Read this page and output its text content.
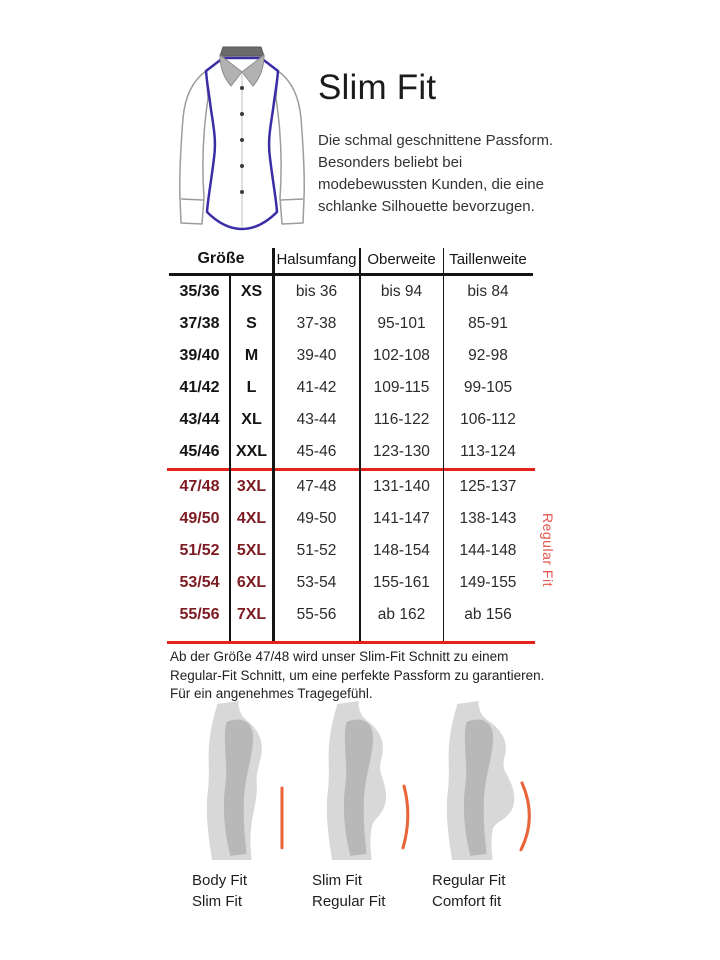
Slim Fit

Die schmal geschnittene Passform. Besonders beliebt bei modebewussten Kunden, die eine schlanke Silhouette bevorzugen.

Größe	Halsumfang Oberweite Taillenweite
35/36	XS	bis 36	bis 94	bis 84
37/38	S	37-38	95-101	85-91
39/40	M	39-40	102-108	92-98
41/42	L	41-42	109-115	99-105
43/44	XL	43-44	116-122	106-112
45/46	XXL	45-46	123-130	113-124
47/48	3XL	47-48	131-140	125-137
49/50	4XL	49-50	141-147	138-143
51/52	5XL	51-52	148-154	144-148
53/54	6XL	53-54	155-161	149-155
55/56	7XL	55-56	ab 162	ab 156
Regular Fit

Ab der Größe 47/48 wird unser Slim-Fit Schnitt zu einem Regular-Fit Schnitt, um eine perfekte Passform zu garantieren. Für ein angenehmes Tragegefühl.

Body Fit
Slim Fit
Slim Fit
Regular Fit
Regular Fit
Comfort fit
